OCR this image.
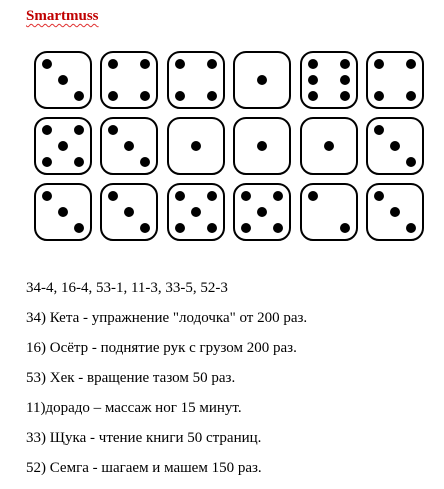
Smartmuss
34-4, 16-4, 53-1, 11-3, 33-5, 52-3
34) Кета - упражнение "лодочка" от 200 раз.
16) Осётр - поднятие рук с грузом 200 раз.
53) Хек - вращение тазом 50 раз.
11)дорадо – массаж ног 15 минут.
33) Щука - чтение книги 50 страниц.
52) Семга - шагаем и машем 150 раз.
